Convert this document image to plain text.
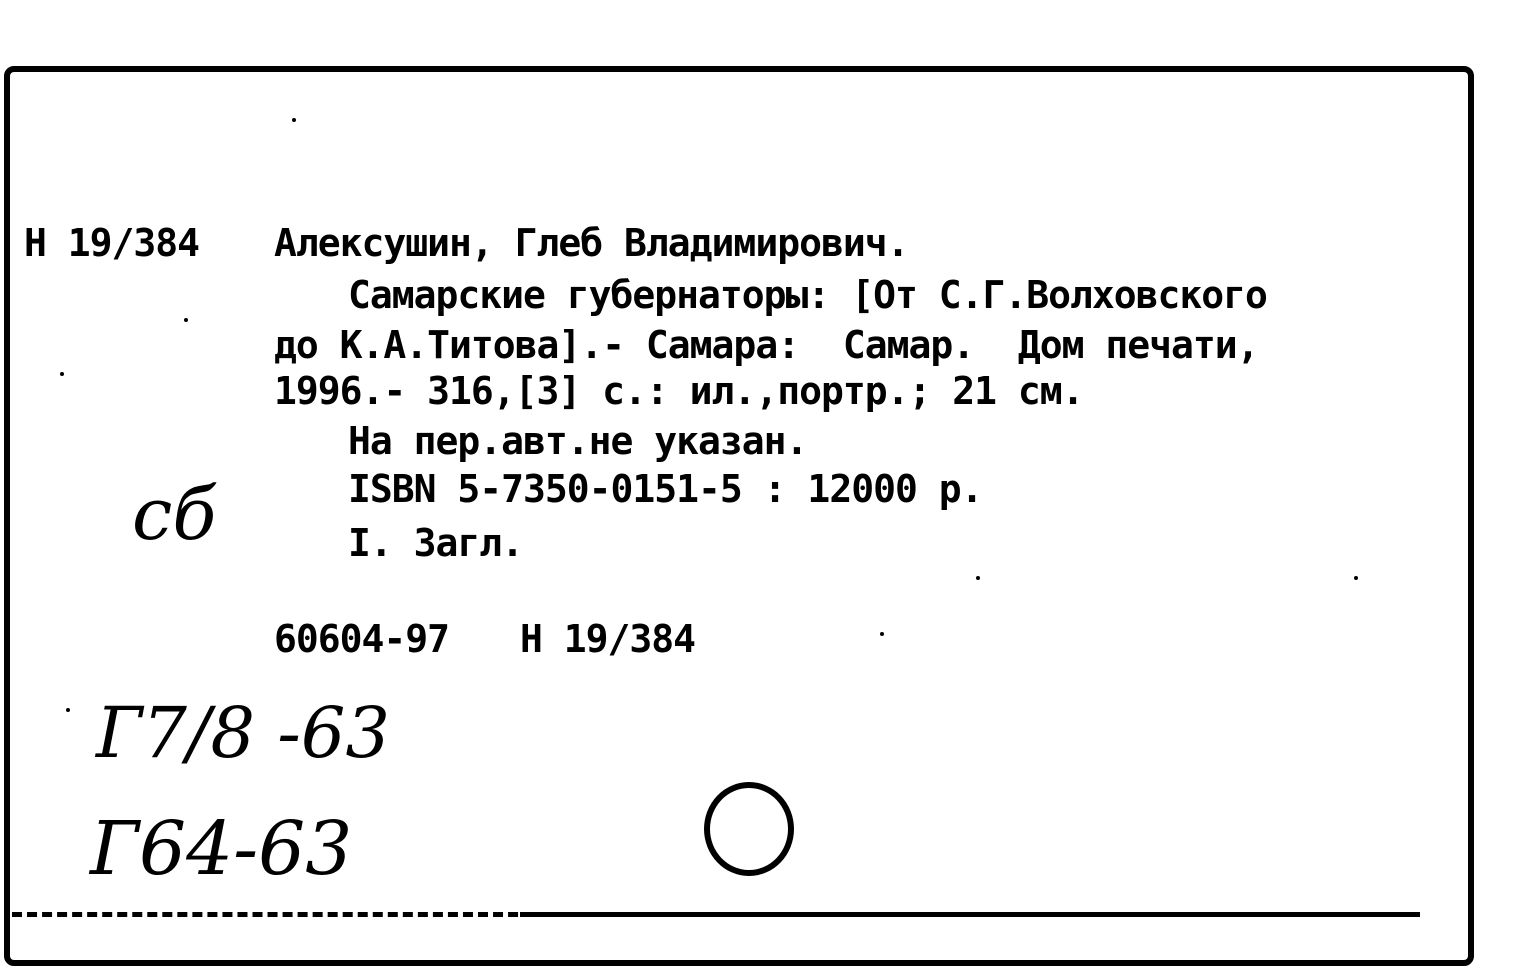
Н 19/384 Алексушин, Глеб Владимирович.
Самарские губернаторы: [От С.Г.Волховского
до К.А.Титова].- Самара:  Самар.  Дом печати,
1996.- 316,[3] с.: ил.,портр.; 21 см.
На пер.авт.не указан.
ISBN 5-7350-0151-5 : 12000 р.
I. Загл.
60604-97 Н 19/384
сб
Г7/8 -63
Г64-63
